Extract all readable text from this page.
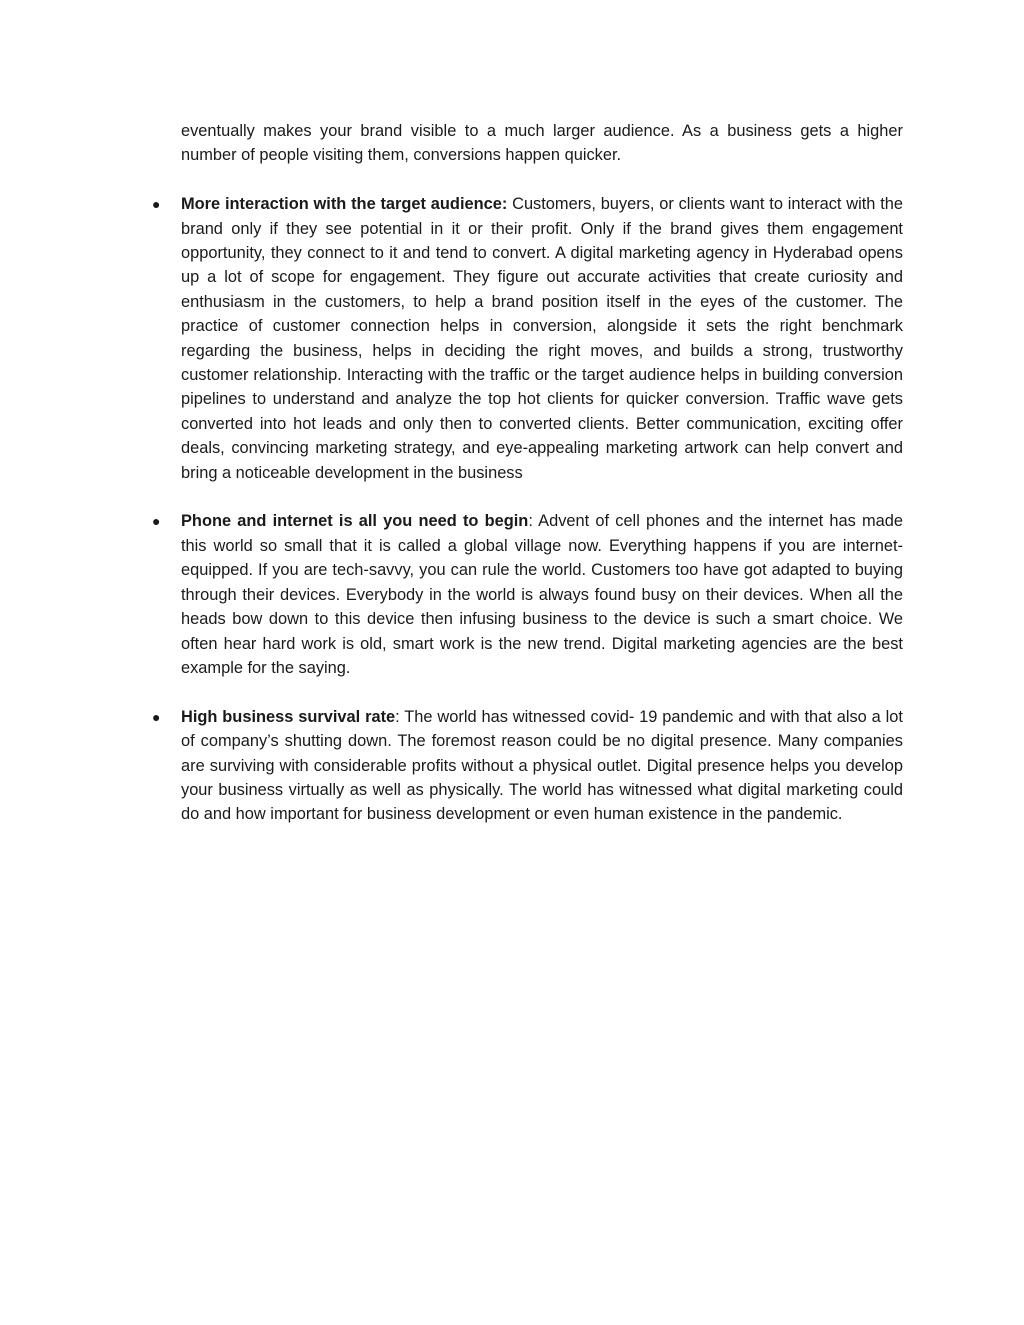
eventually makes your brand visible to a much larger audience. As a business gets a higher number of people visiting them, conversions happen quicker.

● More interaction with the target audience: Customers, buyers, or clients want to interact with the brand only if they see potential in it or their profit. Only if the brand gives them engagement opportunity, they connect to it and tend to convert. A digital marketing agency in Hyderabad opens up a lot of scope for engagement. They figure out accurate activities that create curiosity and enthusiasm in the customers, to help a brand position itself in the eyes of the customer. The practice of customer connection helps in conversion, alongside it sets the right benchmark regarding the business, helps in deciding the right moves, and builds a strong, trustworthy customer relationship. Interacting with the traffic or the target audience helps in building conversion pipelines to understand and analyze the top hot clients for quicker conversion. Traffic wave gets converted into hot leads and only then to converted clients. Better communication, exciting offer deals, convincing marketing strategy, and eye-appealing marketing artwork can help convert and bring a noticeable development in the business

● Phone and internet is all you need to begin: Advent of cell phones and the internet has made this world so small that it is called a global village now. Everything happens if you are internet-equipped. If you are tech-savvy, you can rule the world. Customers too have got adapted to buying through their devices. Everybody in the world is always found busy on their devices. When all the heads bow down to this device then infusing business to the device is such a smart choice. We often hear hard work is old, smart work is the new trend. Digital marketing agencies are the best example for the saying.

● High business survival rate: The world has witnessed covid- 19 pandemic and with that also a lot of company’s shutting down. The foremost reason could be no digital presence. Many companies are surviving with considerable profits without a physical outlet. Digital presence helps you develop your business virtually as well as physically. The world has witnessed what digital marketing could do and how important for business development or even human existence in the pandemic.
